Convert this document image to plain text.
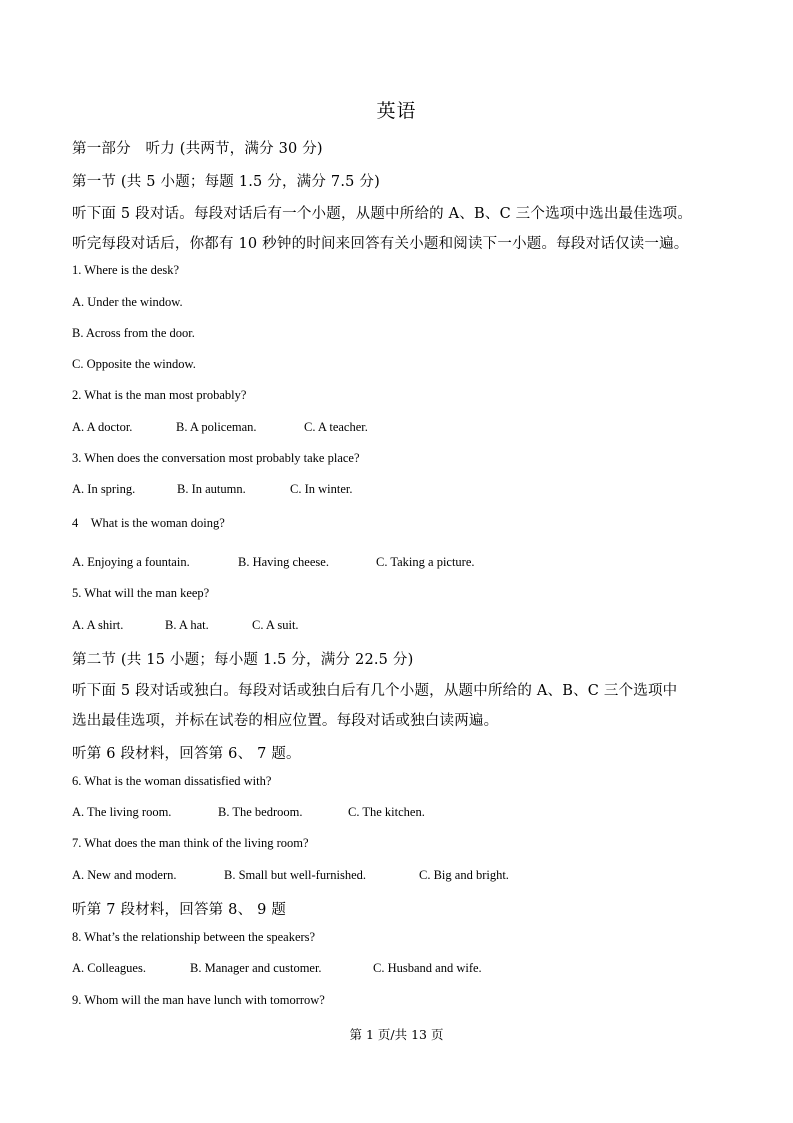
英语
第一部分　听力 (共两节，满分 30 分)
第一节 (共 5 小题；每题 1.5 分，满分 7.5 分)
听下面 5 段对话。每段对话后有一个小题，从题中所给的 A、B、C 三个选项中选出最佳选项。
听完每段对话后，你都有 10 秒钟的时间来回答有关小题和阅读下一小题。每段对话仅读一遍。
1. Where is the desk?
A. Under the window.
B. Across from the door.
C. Opposite the window.
2. What is the man most probably?
A. A doctor.	B. A policeman.	C. A teacher.
3. When does the conversation most probably take place?
A. In spring.	B. In autumn.	C. In winter.
4　What is the woman doing?
A. Enjoying a fountain.	B. Having cheese.	C. Taking a picture.
5. What will the man keep?
A. A shirt.	B. A hat.	C. A suit.
第二节 (共 15 小题；每小题 1.5 分，满分 22.5 分)
听下面 5 段对话或独白。每段对话或独白后有几个小题，从题中所给的 A、B、C 三个选项中
选出最佳选项，并标在试卷的相应位置。每段对话或独白读两遍。
听第 6 段材料，回答第 6、 7 题。
6. What is the woman dissatisfied with?
A. The living room.	B. The bedroom.	C. The kitchen.
7. What does the man think of the living room?
A. New and modern.	B. Small but well-furnished.	C. Big and bright.
听第 7 段材料，回答第 8、 9 题
8. What’s the relationship between the speakers?
A. Colleagues.	B. Manager and customer.	C. Husband and wife.
9. Whom will the man have lunch with tomorrow?
第 1 页/共 13 页
